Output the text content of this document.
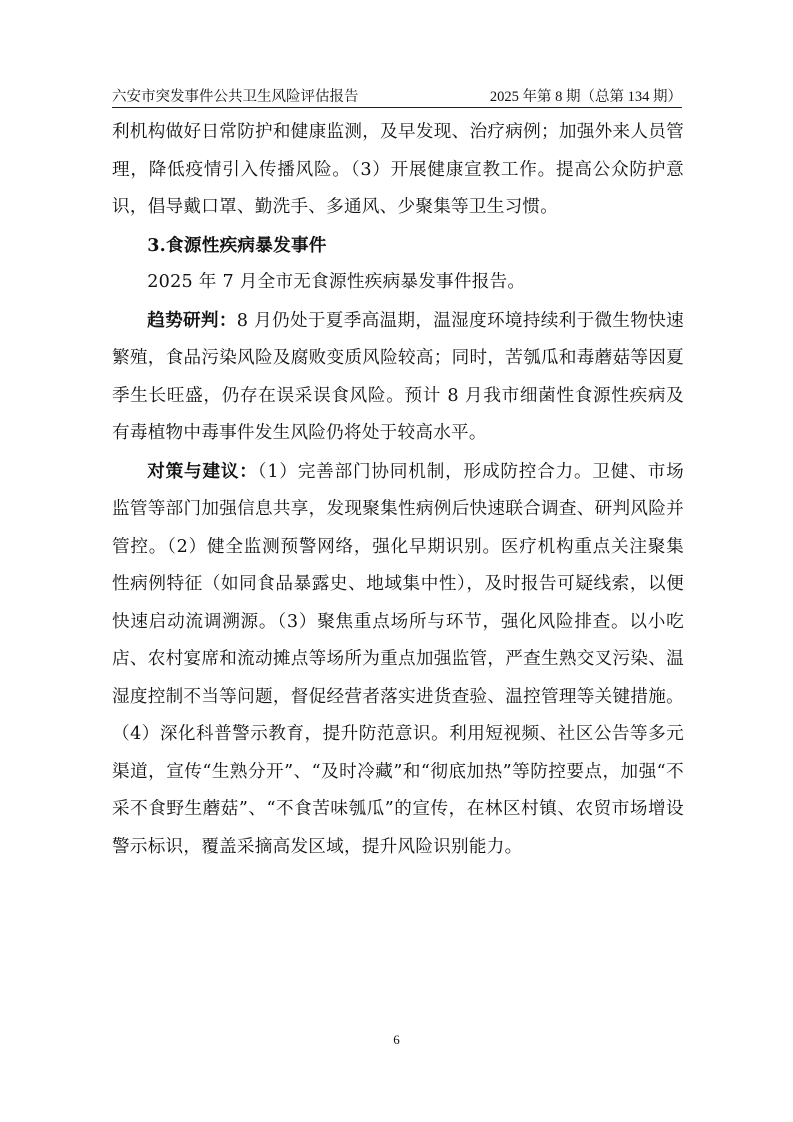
六安市突发事件公共卫生风险评估报告	2025 年第 8 期（总第 134 期）

利机构做好日常防护和健康监测，及早发现、治疗病例；加强外来人员管理，降低疫情引入传播风险。（3）开展健康宣教工作。提高公众防护意识，倡导戴口罩、勤洗手、多通风、少聚集等卫生习惯。

3.食源性疾病暴发事件

2025 年 7 月全市无食源性疾病暴发事件报告。

趋势研判：8 月仍处于夏季高温期，温湿度环境持续利于微生物快速繁殖，食品污染风险及腐败变质风险较高；同时，苦瓠瓜和毒蘑菇等因夏季生长旺盛，仍存在误采误食风险。预计 8 月我市细菌性食源性疾病及有毒植物中毒事件发生风险仍将处于较高水平。

对策与建议：（1）完善部门协同机制，形成防控合力。卫健、市场监管等部门加强信息共享，发现聚集性病例后快速联合调查、研判风险并管控。（2）健全监测预警网络，强化早期识别。医疗机构重点关注聚集性病例特征（如同食品暴露史、地域集中性），及时报告可疑线索，以便快速启动流调溯源。（3）聚焦重点场所与环节，强化风险排查。以小吃店、农村宴席和流动摊点等场所为重点加强监管，严查生熟交叉污染、温湿度控制不当等问题，督促经营者落实进货查验、温控管理等关键措施。（4）深化科普警示教育，提升防范意识。利用短视频、社区公告等多元渠道，宣传“生熟分开”、“及时冷藏”和“彻底加热”等防控要点，加强“不采不食野生蘑菇”、“不食苦味瓠瓜”的宣传，在林区村镇、农贸市场增设警示标识，覆盖采摘高发区域，提升风险识别能力。

6
